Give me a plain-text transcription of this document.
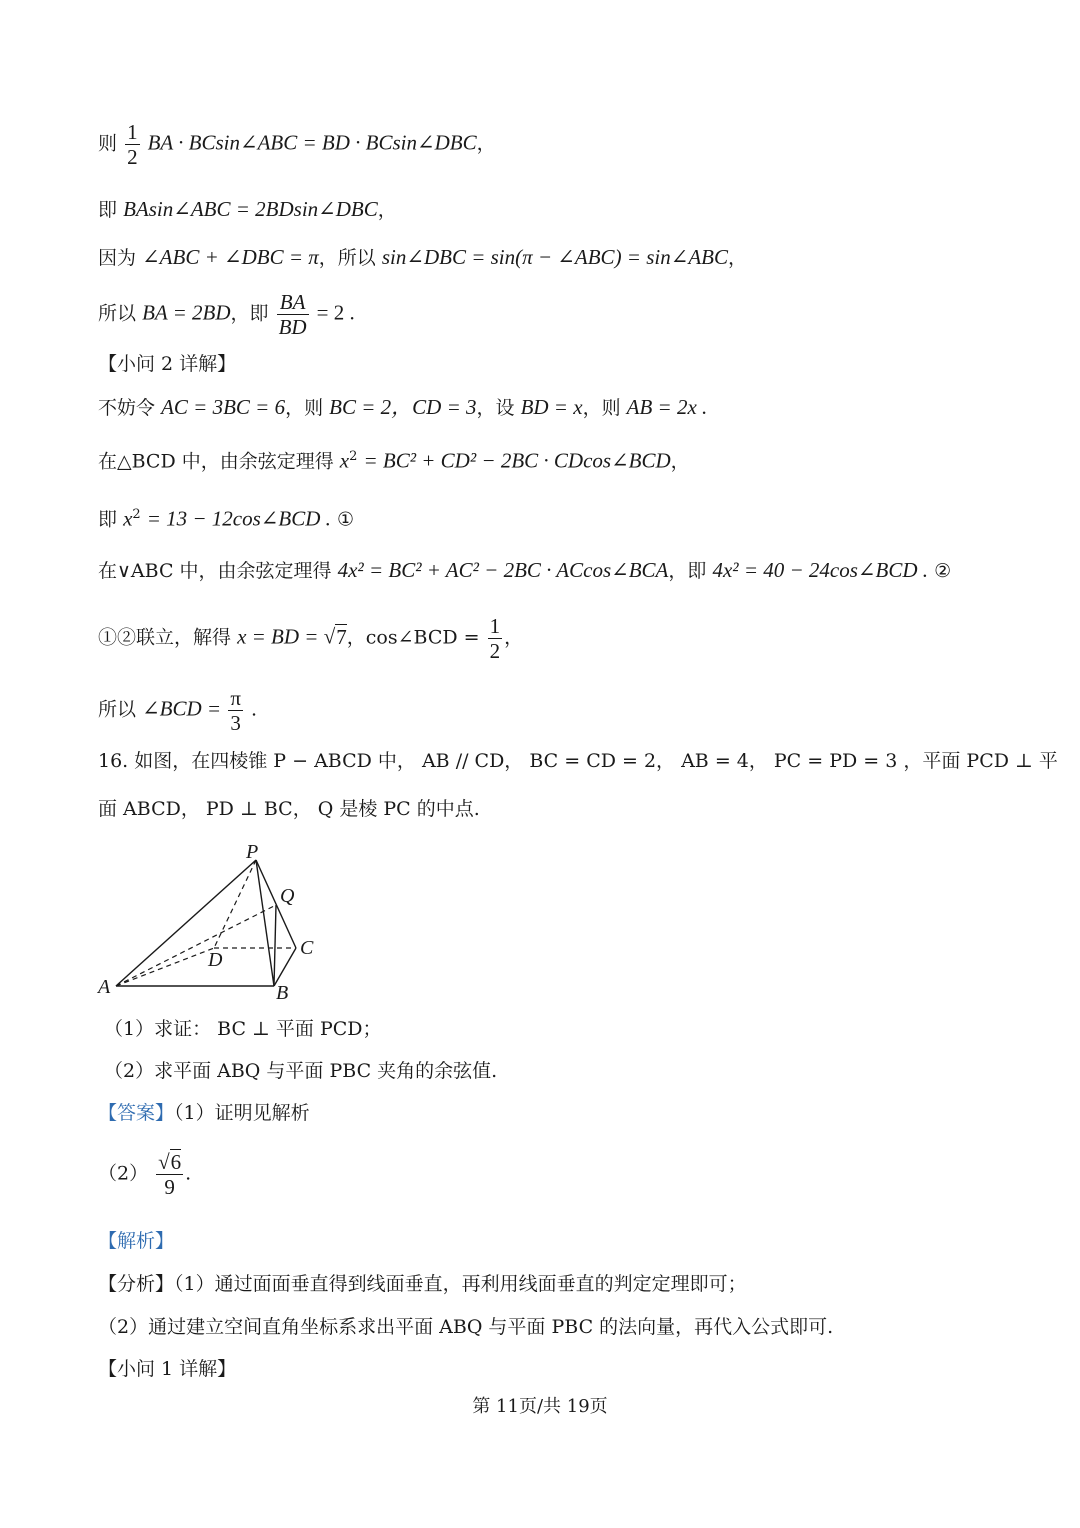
则 $\frac{1}{2}$ BA · BCsin∠ABC = BD · BCsin∠DBC，
即 BAsin∠ABC = 2BDsin∠DBC，
因为 ∠ABC + ∠DBC = π，所以 sin∠DBC = sin(π − ∠ABC) = sin∠ABC，
所以 BA = 2BD，即 $\frac{BA}{BD} = 2$ .
【小问 2 详解】
不妨令 AC = 3BC = 6，则 BC = 2，CD = 3，设 BD = x，则 AB = 2x .
在△BCD 中，由余弦定理得 $x^2 = BC^2 + CD^2 - 2BC$ · CDcos∠BCD，
即 $x^2 = 13$ − 12cos∠BCD . ①
在∨ABC 中，由余弦定理得 4x² = BC² + AC² − 2BC · ACcos∠BCA，即 4x² = 40 − 24cos∠BCD . ②
①②联立，解得 x = BD = √7，cos∠BCD = $\frac{1}{2}$ ，
所以 ∠BCD = $\frac{\pi}{3}$ .
16. 如图，在四棱锥 P − ABCD 中， AB // CD， BC = CD = 2， AB = 4， PC = PD = 3 ，平面 PCD ⊥ 平
面 ABCD， PD ⊥ BC， Q 是棱 PC 的中点.
P
Q
C
D
A	B
（1）求证： BC ⊥ 平面 PCD；
（2）求平面 ABQ 与平面 PBC 夹角的余弦值.
【答案】（1）证明见解析
$(2) \frac{√6}{9}$ .
【解析】
【分析】（1）通过面面垂直得到线面垂直，再利用线面垂直的判定定理即可；
（2）通过建立空间直角坐标系求出平面 ABQ 与平面 PBC 的法向量，再代入公式即可.
【小问 1 详解】
第 11页/共 19页
